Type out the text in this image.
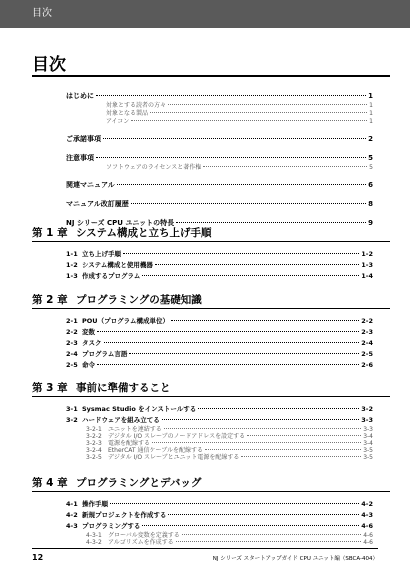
目次
目次
はじめに	1
対象とする読者の方々	1
対象となる製品	1
アイコン	1
ご承諾事項	2
注意事項	5
ソフトウェアのライセンスと著作権	5
関連マニュアル	6
マニュアル改訂履歴	8
NJ シリーズ CPU ユニットの特長	9
第 1 章 システム構成と立ち上げ手順
1-1 立ち上げ手順	1-2
1-2 システム構成と使用機器	1-3
1-3 作成するプログラム	1-4
第 2 章 プログラミングの基礎知識
2-1 POU（プログラム構成単位）	2-2
2-2 変数	2-3
2-3 タスク	2-4
2-4 プログラム言語	2-5
2-5 命令	2-6
第 3 章 事前に準備すること
3-1 Sysmac Studio をインストールする	3-2
3-2 ハードウェアを組み立てる	3-3
3-2-1	ユニットを連結する	3-3
3-2-2	デジタル I/O スレーブのノードアドレスを設定する	3-4
3-2-3	電源を配線する	3-4
3-2-4	EtherCAT 通信ケーブルを配線する	3-5
3-2-5	デジタル I/O スレーブとユニット電源を配線する	3-5
第 4 章 プログラミングとデバッグ
4-1 操作手順	4-2
4-2 新規プロジェクトを作成する	4-3
4-3 プログラミングする	4-6
4-3-1	グローバル変数を定義する	4-6
4-3-2	アルゴリズムを作成する	4-6
12	NJ シリーズ スタートアップガイド CPU ユニット編（SBCA-404）
